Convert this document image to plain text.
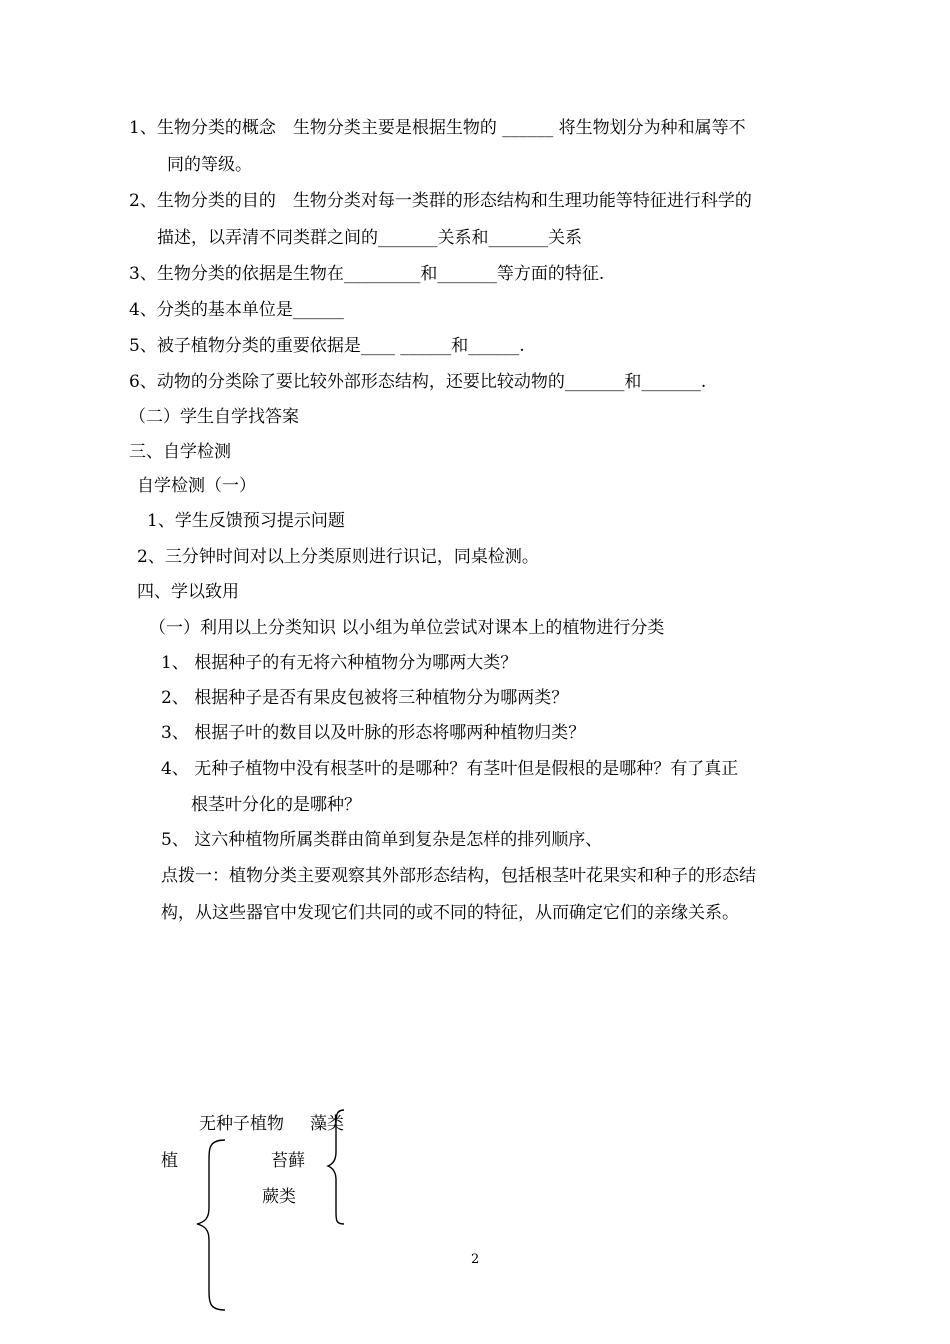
1、生物分类的概念　生物分类主要是根据生物的 ______ 将生物划分为种和属等不
同的等级。
2、生物分类的目的　生物分类对每一类群的形态结构和生理功能等特征进行科学的
描述，以弄清不同类群之间的_______关系和_______关系
3、生物分类的依据是生物在_________和_______等方面的特征.
4、分类的基本单位是______
5、被子植物分类的重要依据是____ ______和______.
6、动物的分类除了要比较外部形态结构，还要比较动物的_______和_______.
（二）学生自学找答案
三、自学检测
自学检测（一）
1、学生反馈预习提示问题
2、三分钟时间对以上分类原则进行识记，同桌检测。
四、学以致用
（一）利用以上分类知识 以小组为单位尝试对课本上的植物进行分类
1、 根据种子的有无将六种植物分为哪两大类？
2、 根据种子是否有果皮包被将三种植物分为哪两类？
3、 根据子叶的数目以及叶脉的形态将哪两种植物归类？
4、 无种子植物中没有根茎叶的是哪种？有茎叶但是假根的是哪种？有了真正
根茎叶分化的是哪种？
5、 这六种植物所属类群由简单到复杂是怎样的排列顺序、
点拨一：植物分类主要观察其外部形态结构，包括根茎叶花果实和种子的形态结
构，从这些器官中发现它们共同的或不同的特征，从而确定它们的亲缘关系。
无种子植物 藻类
植	苔藓
蕨类
2
